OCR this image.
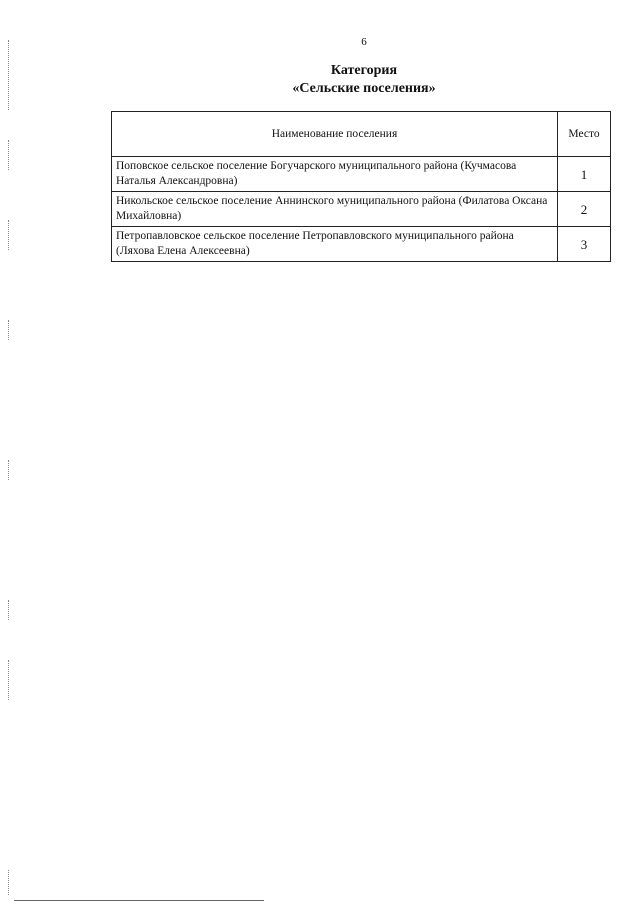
6
Категория
«Сельские поселения»
Наименование поселения	Место
Поповское сельское поселение Богучарского муниципального района (Кучмасова Наталья Александровна)	1
Никольское сельское поселение Аннинского муниципального района (Филатова Оксана Михайловна)	2
Петропавловское сельское поселение Петропавловского муниципального района (Ляхова Елена Алексеевна)	3
